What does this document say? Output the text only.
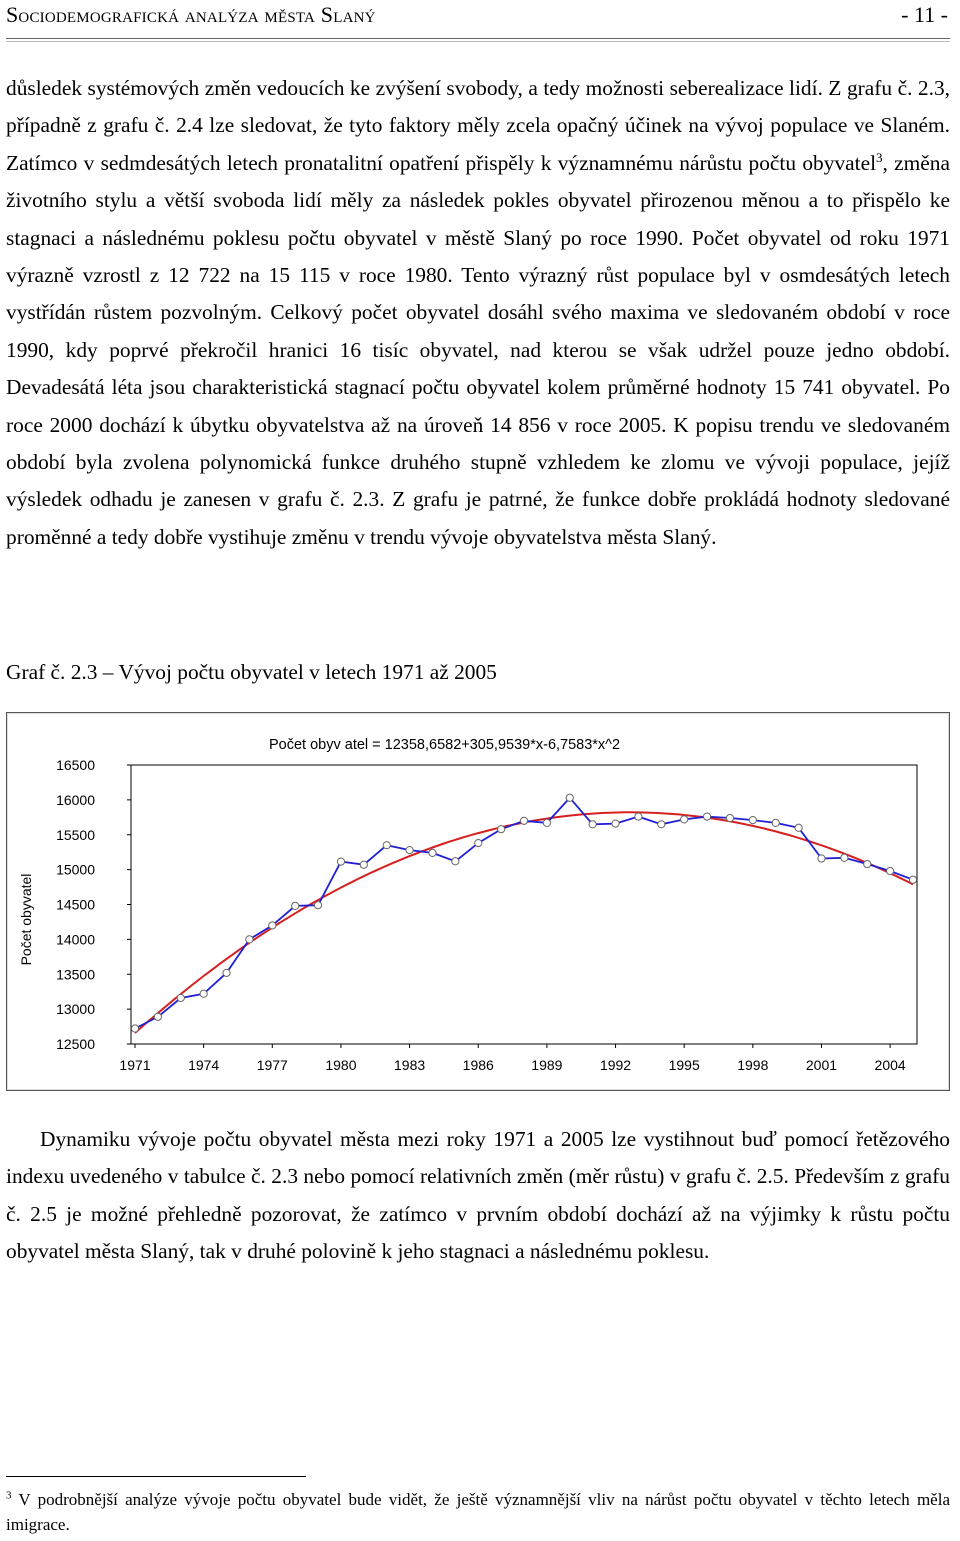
Sociodemografická analýza města Slaný	- 11 -

důsledek systémových změn vedoucích ke zvýšení svobody, a tedy možnosti seberealizace lidí. Z grafu č. 2.3, případně z grafu č. 2.4 lze sledovat, že tyto faktory měly zcela opačný účinek na vývoj populace ve Slaném. Zatímco v sedmdesátých letech pronatalitní opatření přispěly k významnému nárůstu počtu obyvatel$^3$, změna životního stylu a větší svoboda lidí měly za následek pokles obyvatel přirozenou měnou a to přispělo ke stagnaci a následnému poklesu počtu obyvatel v městě Slaný po roce 1990. Počet obyvatel od roku 1971 výrazně vzrostl z 12 722 na 15 115 v roce 1980. Tento výrazný růst populace byl v osmdesátých letech vystřídán růstem pozvolným. Celkový počet obyvatel dosáhl svého maxima ve sledovaném období v roce 1990, kdy poprvé překročil hranici 16 tisíc obyvatel, nad kterou se však udržel pouze jedno období. Devadesátá léta jsou charakteristická stagnací počtu obyvatel kolem průměrné hodnoty 15 741 obyvatel. Po roce 2000 dochází k úbytku obyvatelstva až na úroveň 14 856 v roce 2005. K popisu trendu ve sledovaném období byla zvolena polynomická funkce druhého stupně vzhledem ke zlomu ve vývoji populace, jejíž výsledek odhadu je zanesen v grafu č. 2.3. Z grafu je patrné, že funkce dobře prokládá hodnoty sledované proměnné a tedy dobře vystihuje změnu v trendu vývoje obyvatelstva města Slaný.

Graf č. 2.3 – Vývoj počtu obyvatel v letech 1971 až 2005
16500
16000
15500
15000
14500
14000
13500
13000
12500
1971	1974	1977	1980	1983	1986	1989	1992	1995	1998	2001	2004
Počet obyvatel
Počet obyv atel = 12358,6582+305,9539*x-6,7583*x^2

Dynamiku vývoje počtu obyvatel města mezi roky 1971 a 2005 lze vystihnout buď pomocí řetězového indexu uvedeného v tabulce č. 2.3 nebo pomocí relativních změn (měr růstu) v grafu č. 2.5. Především z grafu č. 2.5 je možné přehledně pozorovat, že zatímco v prvním období dochází až na výjimky k růstu počtu obyvatel města Slaný, tak v druhé polovině k jeho stagnaci a následnému poklesu.

$^3$ V podrobnější analýze vývoje počtu obyvatel bude vidět, že ještě významnější vliv na nárůst počtu obyvatel v těchto letech měla imigrace.
